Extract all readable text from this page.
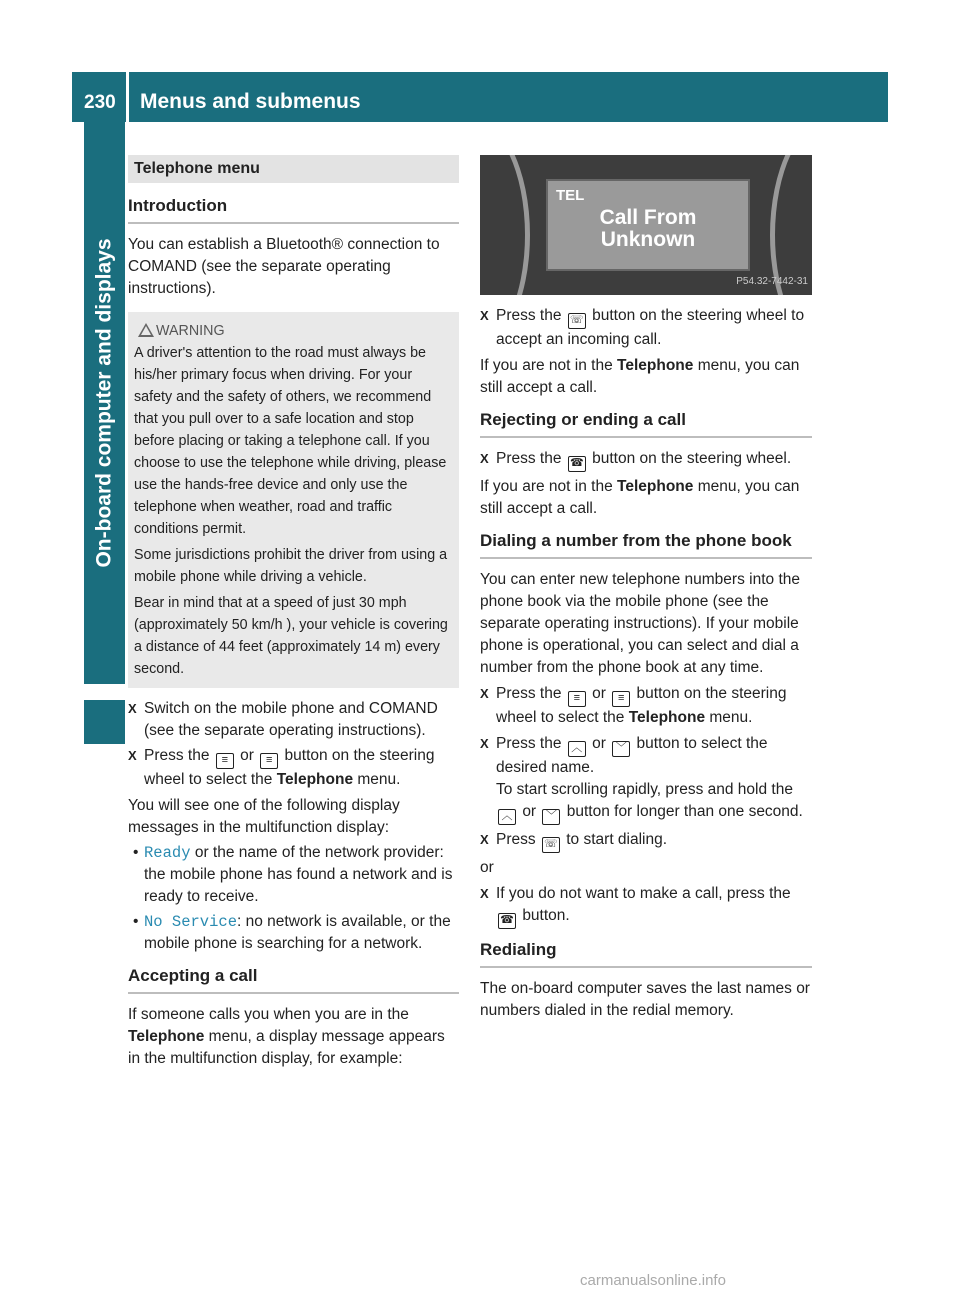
230 Menus and submenus
On-board computer and displays
Telephone menu
Introduction

You can establish a Bluetooth® connection to COMAND (see the separate operating instructions).

WARNING

A driver's attention to the road must always be his/her primary focus when driving. For your safety and the safety of others, we recommend that you pull over to a safe location and stop before placing or taking a telephone call. If you choose to use the telephone while driving, please use the hands-free device and only use the telephone when weather, road and traffic conditions permit.

Some jurisdictions prohibit the driver from using a mobile phone while driving a vehicle.

Bear in mind that at a speed of just 30 mph (approximately 50 km/h ), your vehicle is covering a distance of 44 feet (approximately 14 m) every second.

X Switch on the mobile phone and COMAND (see the separate operating instructions).
X Press the ≡ or ≡ button on the steering wheel to select the Telephone menu.

You will see one of the following display messages in the multifunction display:

• Ready or the name of the network provider: the mobile phone has found a network and is ready to receive.
• No Service: no network is available, or the mobile phone is searching for a network.
Accepting a call

If someone calls you when you are in the Telephone menu, a display message appears in the multifunction display, for example:

TEL
Call From
Unknown
P54.32-7442-31
X Press the ☏ button on the steering wheel to accept an incoming call.

If you are not in the Telephone menu, you can still accept a call.

Rejecting or ending a call
X Press the ☎ button on the steering wheel.

If you are not in the Telephone menu, you can still accept a call.

Dialing a number from the phone book

You can enter new telephone numbers into the phone book via the mobile phone (see the separate operating instructions). If your mobile phone is operational, you can select and dial a number from the phone book at any time.

X Press the ≡ or ≡ button on the steering wheel to select the Telephone menu.
X Press the ︿ or ﹀ button to select the desired name.
To start scrolling rapidly, press and hold the ︿ or ﹀ button for longer than one second.
X Press ☏ to start dialing.

or

X If you do not want to make a call, press the ☎ button.
Redialing

The on-board computer saves the last names or numbers dialed in the redial memory.

carmanualsonline.info
